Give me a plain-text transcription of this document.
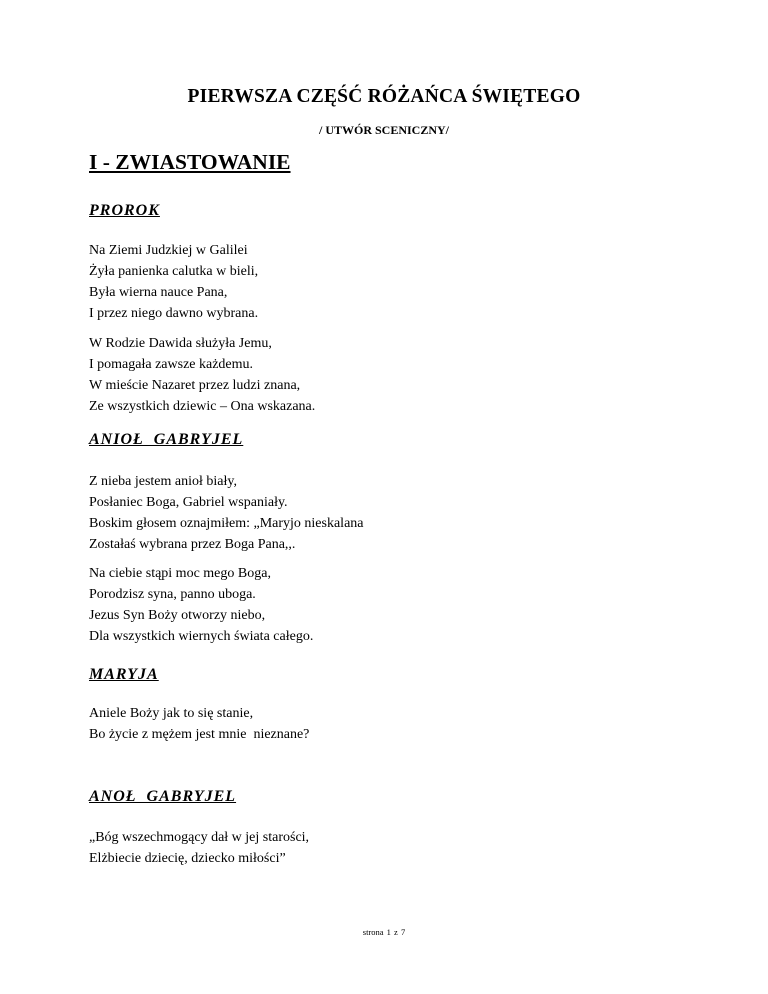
PIERWSZA CZĘŚĆ RÓŻAŃCA ŚWIĘTEGO
/ UTWÓR SCENICZNY/
I - ZWIASTOWANIE
PROROK

Na Ziemi Judzkiej w Galilei
Żyła panienka calutka w bieli,
Była wierna nauce Pana,
I przez niego dawno wybrana.

W Rodzie Dawida służyła Jemu,
I pomagała zawsze każdemu.
W mieście Nazaret przez ludzi znana,
Ze wszystkich dziewic – Ona wskazana.

ANIOŁ  GABRYJEL

Z nieba jestem anioł biały,
Posłaniec Boga, Gabriel wspaniały.
Boskim głosem oznajmiłem: „Maryjo nieskalana
Zostałaś wybrana przez Boga Pana,,.

Na ciebie stąpi moc mego Boga,
Porodzisz syna, panno uboga.
Jezus Syn Boży otworzy niebo,
Dla wszystkich wiernych świata całego.

MARYJA

Aniele Boży jak to się stanie,
Bo życie z mężem jest mnie  nieznane?

ANOŁ  GABRYJEL

„Bóg wszechmogący dał w jej starości,
Elżbiecie dziecię, dziecko miłości”

strona 1 z 7
